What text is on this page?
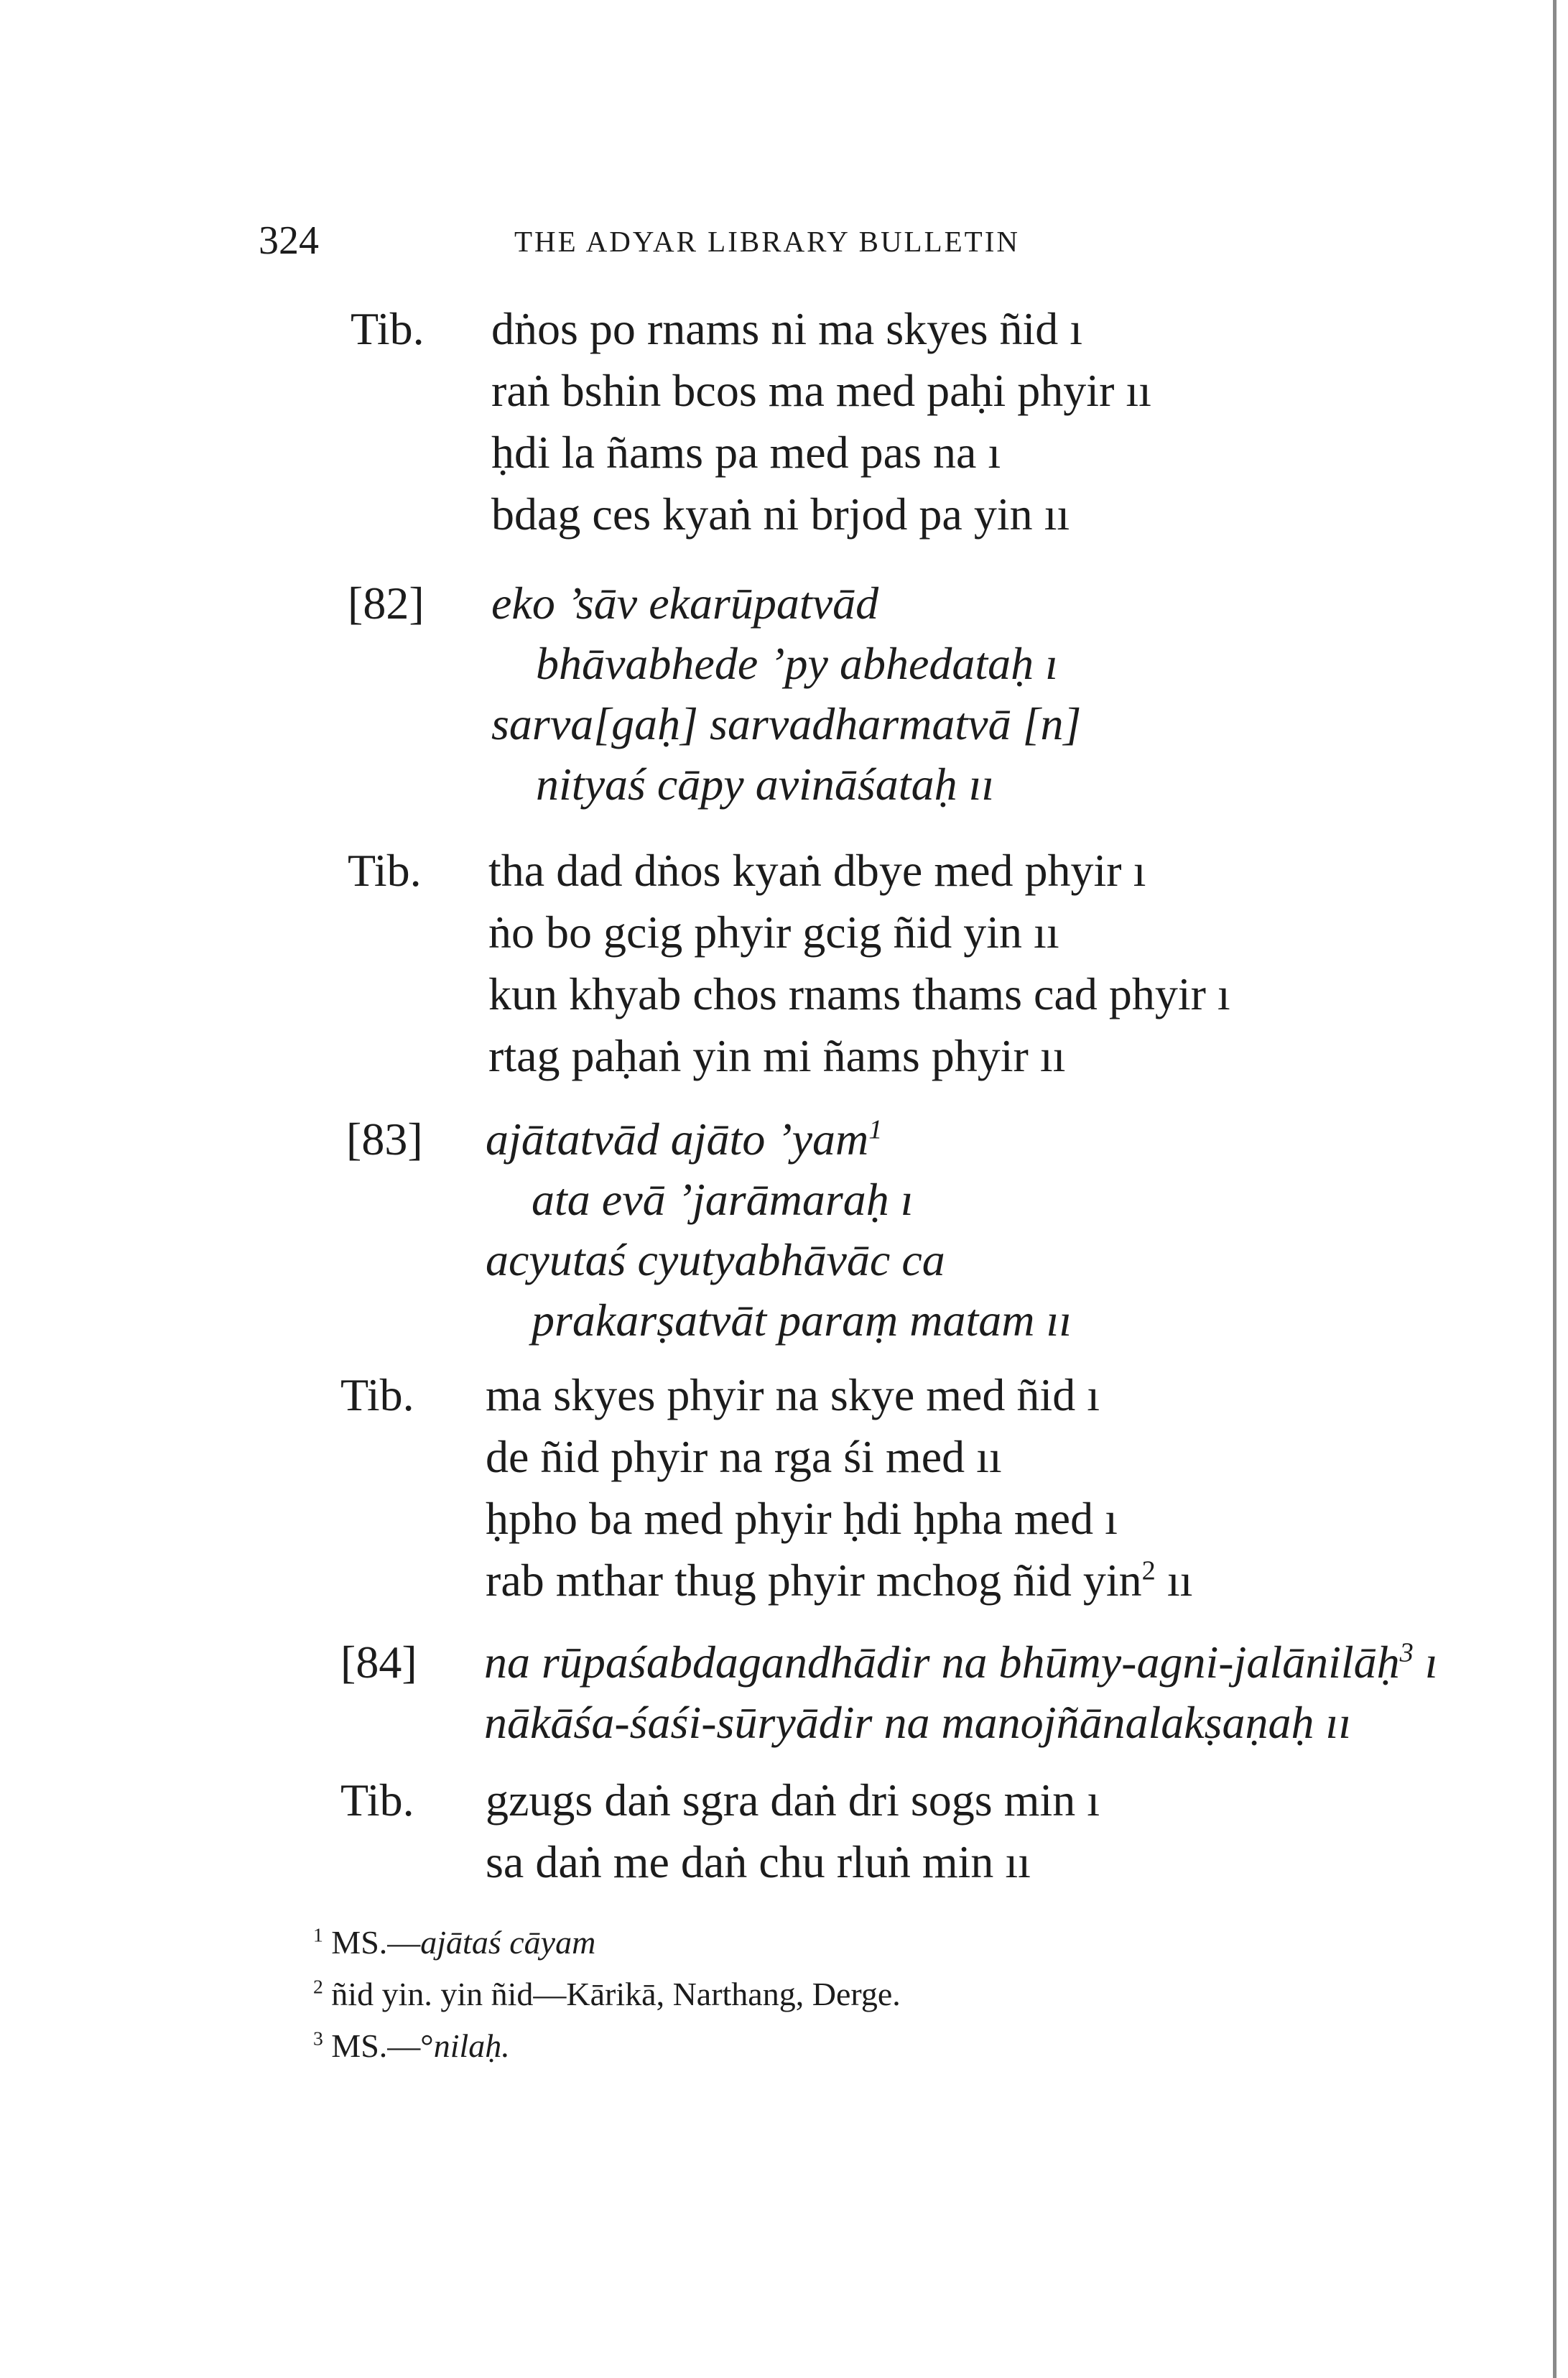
324	THE ADYAR LIBRARY BULLETIN
Tib. dṅos po rnams ni ma skyes ñid ı
raṅ bshin bcos ma med paḥi phyir ıı
ḥdi la ñams pa med pas na ı
bdag ces kyaṅ ni brjod pa yin ıı
[82] eko ’sāv ekarūpatvād
bhāvabhede ’py abhedataḥ ı
sarva[gaḥ] sarvadharmatvā [n]
nityaś cāpy avināśataḥ ıı
Tib. tha dad dṅos kyaṅ dbye med phyir ı
ṅo bo gcig phyir gcig ñid yin ıı
kun khyab chos rnams thams cad phyir ı
rtag paḥaṅ yin mi ñams phyir ıı
[83] ajātatvād ajāto ’yam$^1$
ata evā ’jarāmaraḥ ı
acyutaś cyutyabhāvāc ca
prakarṣatvāt paraṃ matam ıı
Tib. ma skyes phyir na skye med ñid ı
de ñid phyir na rga śi med ıı
ḥpho ba med phyir ḥdi ḥpha med ı
rab mthar thug phyir mchog ñid yin$^2$ ıı
[84] na rūpaśabdagandhādir na bhūmy-agni-jalānilāḥ$^3$ ı
nākāśa-śaśi-sūryādir na manojñānalakṣaṇaḥ ıı
Tib. gzugs daṅ sgra daṅ dri sogs min ı
sa daṅ me daṅ chu rluṅ min ıı
$^1$ MS.—ajātaś cāyam
$^2$ ñid yin. yin ñid—Kārikā, Narthang, Derge.
$^3$ MS.—°nilaḥ.
